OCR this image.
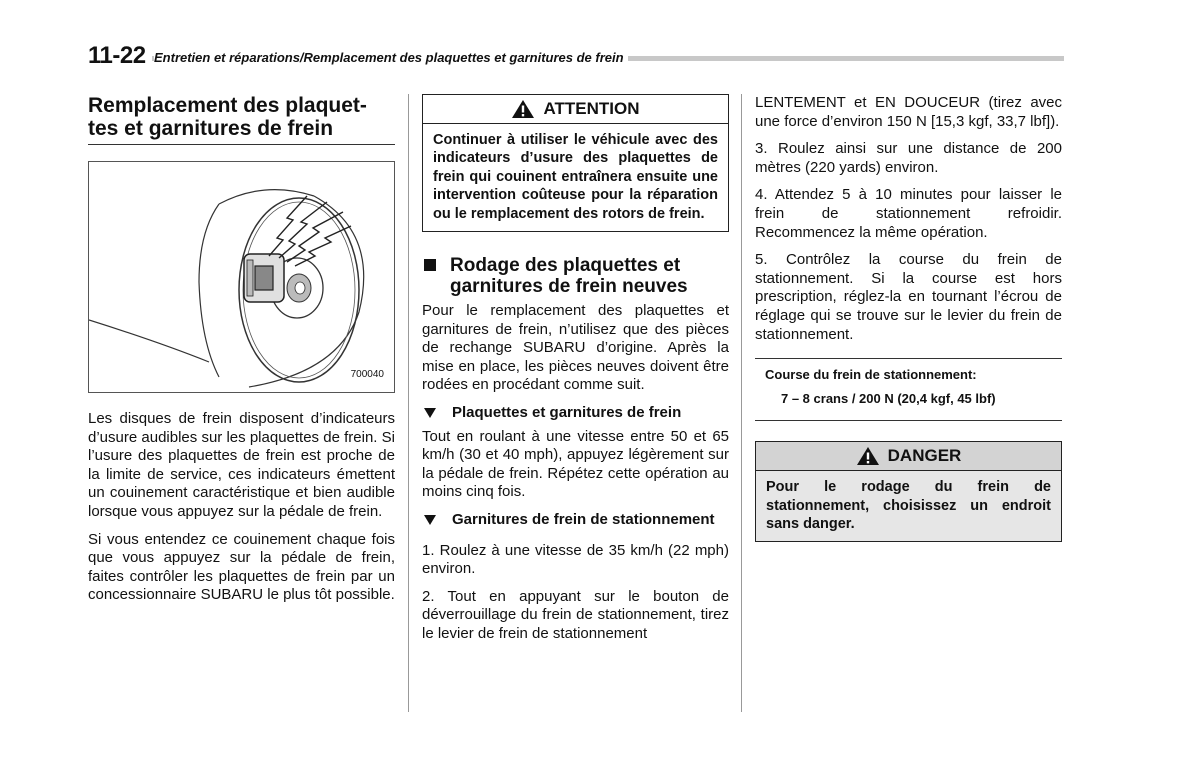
11-22 Entretien et réparations/Remplacement des plaquettes et garnitures de frein
Remplacement des plaquet-
tes et garnitures de frein
700040

Les disques de frein disposent d’indicateurs d’usure audibles sur les plaquettes de frein. Si l’usure des plaquettes de frein est proche de la limite de service, ces indicateurs émettent un couinement caractéristique et bien audible lorsque vous appuyez sur la pédale de frein.

Si vous entendez ce couinement chaque fois que vous appuyez sur la pédale de frein, faites contrôler les plaquettes de frein par un concessionnaire SUBARU le plus tôt possible.

ATTENTION
Continuer à utiliser le véhicule avec des indicateurs d’usure des plaquettes de frein qui couinent entraînera ensuite une intervention coûteuse pour la réparation ou le remplacement des rotors de frein.
Rodage des plaquettes et garnitures de frein neuves

Pour le remplacement des plaquettes et garnitures de frein, n’utilisez que des pièces de rechange SUBARU d’origine. Après la mise en place, les pièces neuves doivent être rodées en procédant comme suit.

Plaquettes et garnitures de frein

Tout en roulant à une vitesse entre 50 et 65 km/h (30 et 40 mph), appuyez légèrement sur la pédale de frein. Répétez cette opération au moins cinq fois.

Garnitures de frein de stationnement

1. Roulez à une vitesse de 35 km/h (22 mph) environ.

2. Tout en appuyant sur le bouton de déverrouillage du frein de stationnement, tirez le levier de frein de stationnement

LENTEMENT et EN DOUCEUR (tirez avec une force d’environ 150 N [15,3 kgf, 33,7 lbf]).

3. Roulez ainsi sur une distance de 200 mètres (220 yards) environ.

4. Attendez 5 à 10 minutes pour laisser le frein de stationnement refroidir. Recommencez la même opération.

5. Contrôlez la course du frein de stationnement. Si la course est hors prescription, réglez-la en tournant l’écrou de réglage qui se trouve sur le levier du frein de stationnement.

Course du frein de stationnement:
7 – 8 crans / 200 N (20,4 kgf, 45 lbf)
DANGER
Pour le rodage du frein de stationnement, choisissez un endroit sans danger.
